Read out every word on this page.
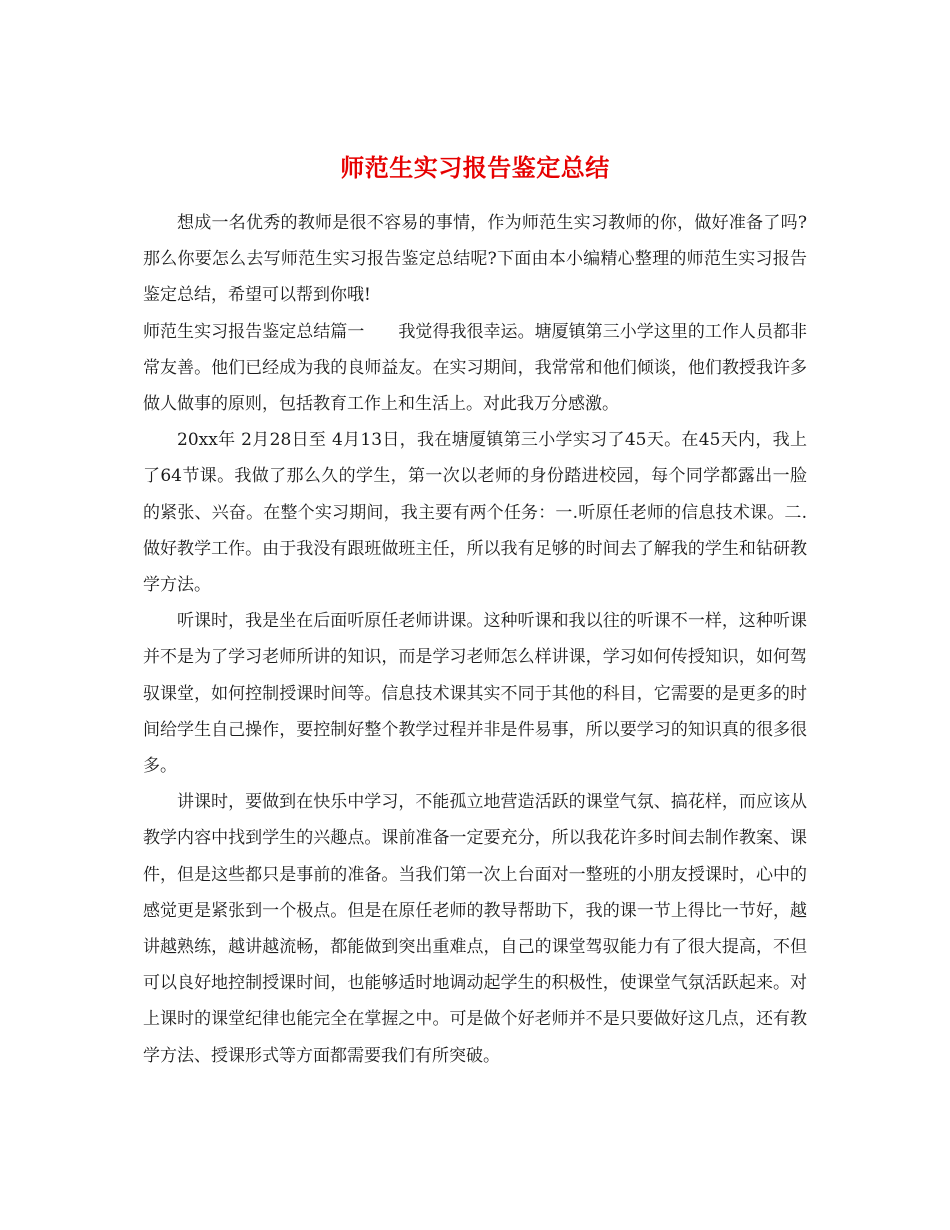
师范生实习报告鉴定总结

想成一名优秀的教师是很不容易的事情，作为师范生实习教师的你，做好准备了吗?那么你要怎么去写师范生实习报告鉴定总结呢?下面由本小编精心整理的师范生实习报告鉴定总结，希望可以帮到你哦!

师范生实习报告鉴定总结篇一 我觉得我很幸运。塘厦镇第三小学这里的工作人员都非常友善。他们已经成为我的良师益友。在实习期间，我常常和他们倾谈，他们教授我许多做人做事的原则，包括教育工作上和生活上。对此我万分感激。

20xx年 2月28日至 4月13日，我在塘厦镇第三小学实习了45天。在45天内，我上了64节课。我做了那么久的学生，第一次以老师的身份踏进校园，每个同学都露出一脸的紧张、兴奋。在整个实习期间，我主要有两个任务：一.听原任老师的信息技术课。二.做好教学工作。由于我没有跟班做班主任，所以我有足够的时间去了解我的学生和钻研教学方法。

听课时，我是坐在后面听原任老师讲课。这种听课和我以往的听课不一样，这种听课并不是为了学习老师所讲的知识，而是学习老师怎么样讲课，学习如何传授知识，如何驾驭课堂，如何控制授课时间等。信息技术课其实不同于其他的科目，它需要的是更多的时间给学生自己操作，要控制好整个教学过程并非是件易事，所以要学习的知识真的很多很多。

讲课时，要做到在快乐中学习，不能孤立地营造活跃的课堂气氛、搞花样，而应该从教学内容中找到学生的兴趣点。课前准备一定要充分，所以我花许多时间去制作教案、课件，但是这些都只是事前的准备。当我们第一次上台面对一整班的小朋友授课时，心中的感觉更是紧张到一个极点。但是在原任老师的教导帮助下，我的课一节上得比一节好，越讲越熟练，越讲越流畅，都能做到突出重难点，自己的课堂驾驭能力有了很大提高，不但可以良好地控制授课时间，也能够适时地调动起学生的积极性，使课堂气氛活跃起来。对上课时的课堂纪律也能完全在掌握之中。可是做个好老师并不是只要做好这几点，还有教学方法、授课形式等方面都需要我们有所突破。
